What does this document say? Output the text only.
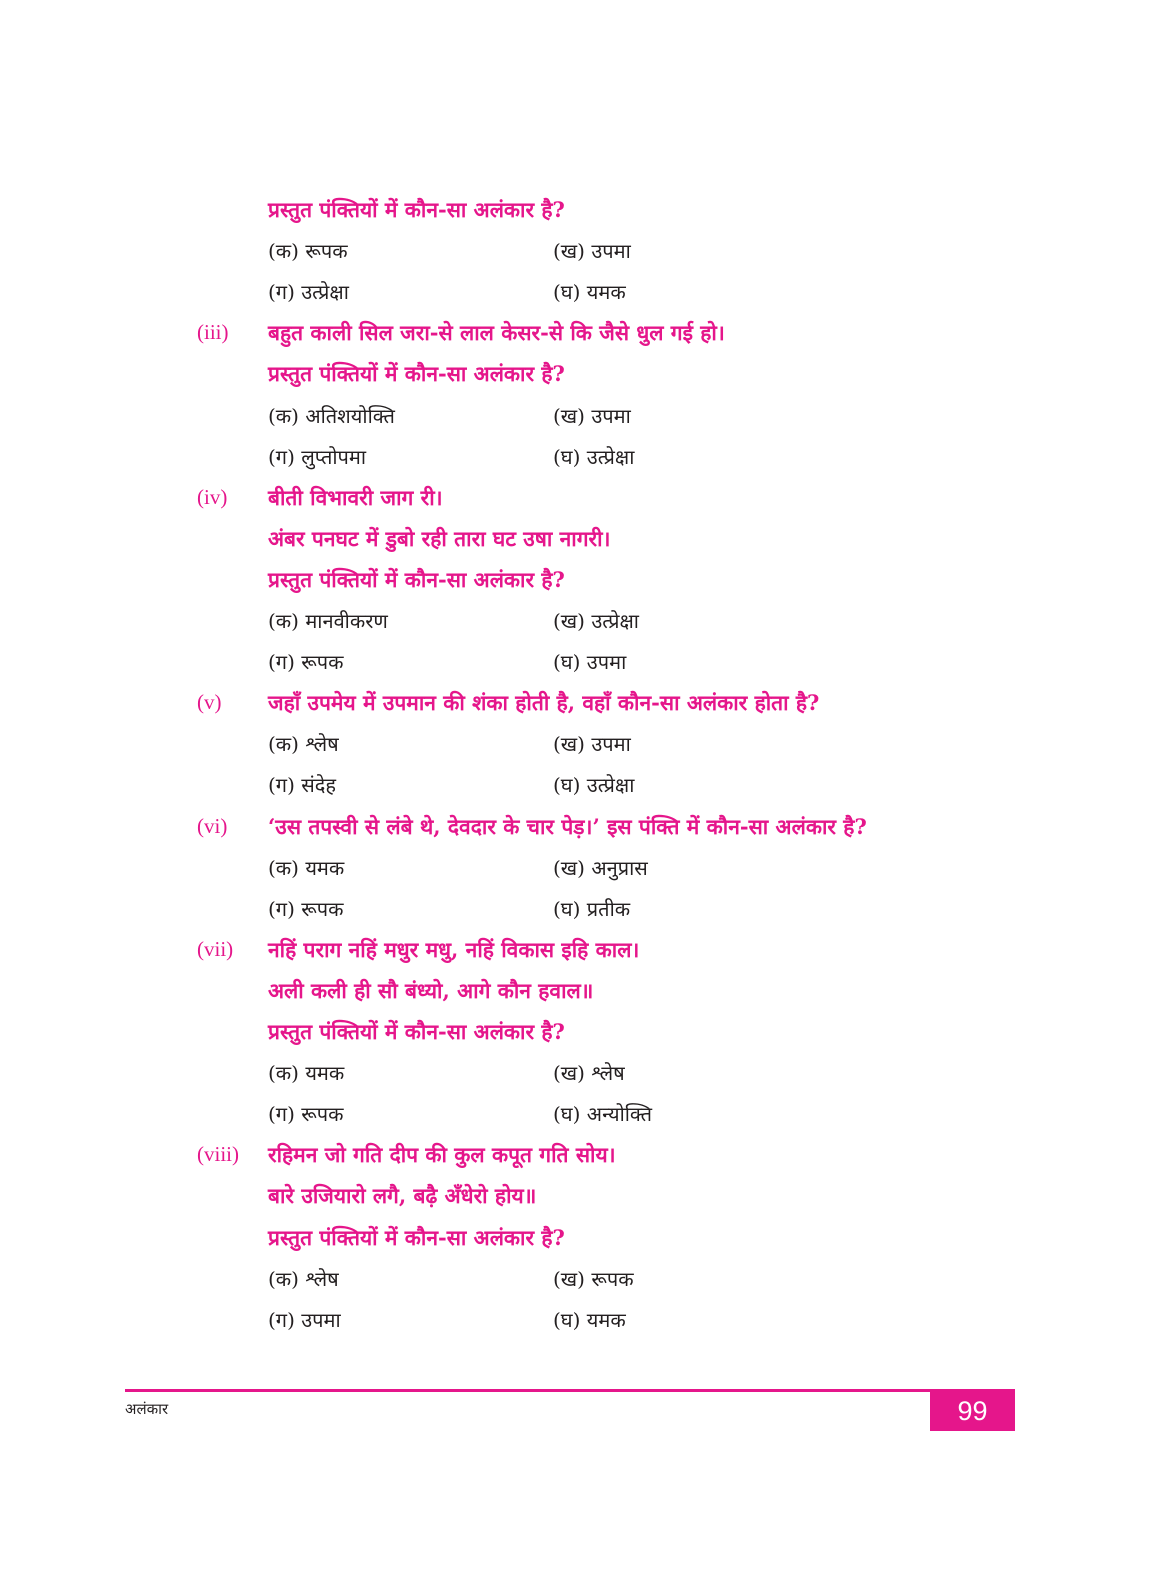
प्रस्तुत पंक्तियों में कौन-सा अलंकार है?
(क) रूपक	(ख) उपमा
(ग) उत्प्रेक्षा	(घ) यमक
(iii) बहुत काली सिल जरा-से लाल केसर-से कि जैसे धुल गई हो।
प्रस्तुत पंक्तियों में कौन-सा अलंकार है?
(क) अतिशयोक्ति	(ख) उपमा
(ग) लुप्तोपमा	(घ) उत्प्रेक्षा
(iv) बीती विभावरी जाग री।
अंबर पनघट में डुबो रही तारा घट उषा नागरी।
प्रस्तुत पंक्तियों में कौन-सा अलंकार है?
(क) मानवीकरण	(ख) उत्प्रेक्षा
(ग) रूपक	(घ) उपमा
(v) जहाँ उपमेय में उपमान की शंका होती है, वहाँ कौन-सा अलंकार होता है?
(क) श्लेष	(ख) उपमा
(ग) संदेह	(घ) उत्प्रेक्षा
(vi) ‘उस तपस्वी से लंबे थे, देवदार के चार पेड़।’ इस पंक्ति में कौन-सा अलंकार है?
(क) यमक	(ख) अनुप्रास
(ग) रूपक	(घ) प्रतीक
(vii) नहिं पराग नहिं मधुर मधु, नहिं विकास इहि काल।
अली कली ही सौ बंध्यो, आगे कौन हवाल॥
प्रस्तुत पंक्तियों में कौन-सा अलंकार है?
(क) यमक	(ख) श्लेष
(ग) रूपक	(घ) अन्योक्ति
(viii) रहिमन जो गति दीप की कुल कपूत गति सोय।
बारे उजियारो लगै, बढ़ै अँधेरो होय॥
प्रस्तुत पंक्तियों में कौन-सा अलंकार है?
(क) श्लेष	(ख) रूपक
(ग) उपमा	(घ) यमक
अलंकार	99
